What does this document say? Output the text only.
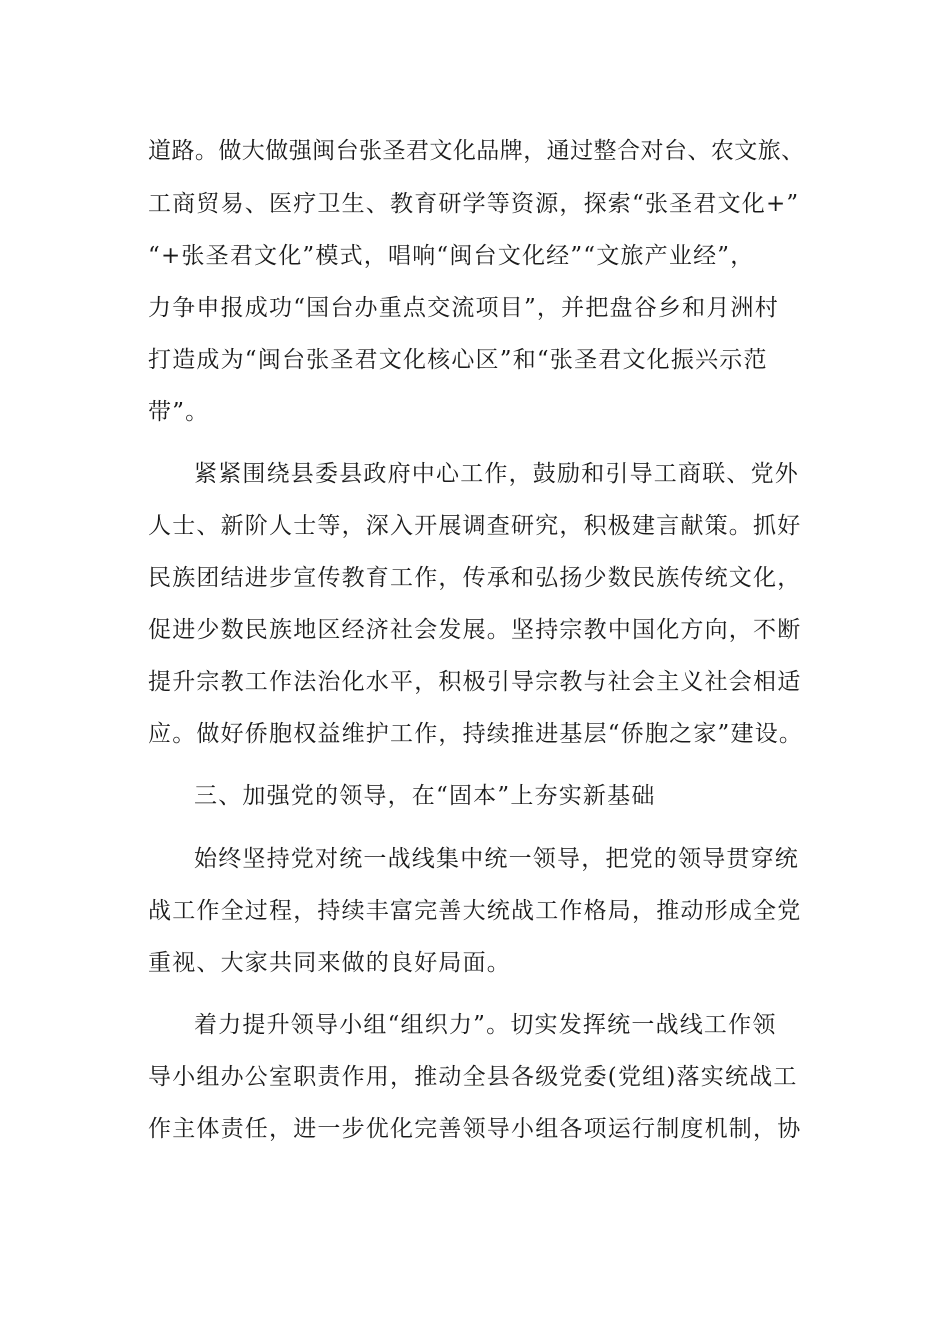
道路。做大做强闽台张圣君文化品牌，通过整合对台、农文旅、
工商贸易、医疗卫生、教育研学等资源，探索“张圣君文化+”
“+张圣君文化”模式，唱响“闽台文化经”“文旅产业经”，
力争申报成功“国台办重点交流项目”，并把盘谷乡和月洲村
打造成为“闽台张圣君文化核心区”和“张圣君文化振兴示范
带”。
紧紧围绕县委县政府中心工作，鼓励和引导工商联、党外
人士、新阶人士等，深入开展调查研究，积极建言献策。抓好
民族团结进步宣传教育工作，传承和弘扬少数民族传统文化，
促进少数民族地区经济社会发展。坚持宗教中国化方向，不断
提升宗教工作法治化水平，积极引导宗教与社会主义社会相适
应。做好侨胞权益维护工作，持续推进基层“侨胞之家”建设。
三、加强党的领导，在“固本”上夯实新基础
始终坚持党对统一战线集中统一领导，把党的领导贯穿统
战工作全过程，持续丰富完善大统战工作格局，推动形成全党
重视、大家共同来做的良好局面。
着力提升领导小组“组织力”。切实发挥统一战线工作领
导小组办公室职责作用，推动全县各级党委(党组)落实统战工
作主体责任，进一步优化完善领导小组各项运行制度机制，协
